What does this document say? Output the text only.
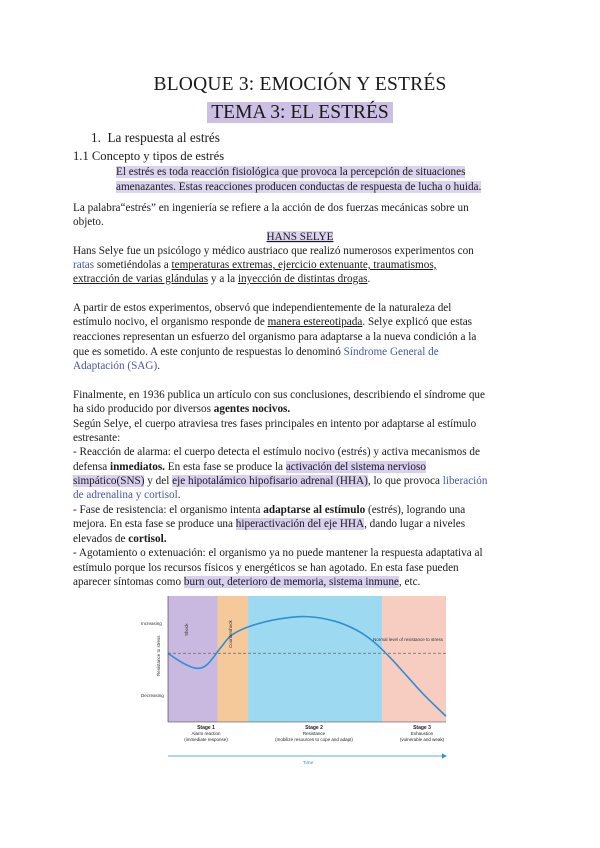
BLOQUE 3: EMOCIÓN Y ESTRÉS
TEMA 3: EL ESTRÉS
1. La respuesta al estrés
1.1 Concepto y tipos de estrés
El estrés es toda reacción fisiológica que provoca la percepción de situaciones
amenazantes. Estas reacciones producen conductas de respuesta de lucha o huida.
La palabra“estrés” en ingeniería se refiere a la acción de dos fuerzas mecánicas sobre un
objeto.
HANS SELYE
Hans Selye fue un psicólogo y médico austriaco que realizó numerosos experimentos con
ratas sometiéndolas a temperaturas extremas, ejercicio extenuante, traumatismos,
extracción de varias glándulas y a la inyección de distintas drogas.
A partir de estos experimentos, observó que independientemente de la naturaleza del
estímulo nocivo, el organismo responde de manera estereotipada. Selye explicó que estas
reacciones representan un esfuerzo del organismo para adaptarse a la nueva condición a la
que es sometido. A este conjunto de respuestas lo denominó Síndrome General de
Adaptación (SAG).
Finalmente, en 1936 publica un artículo con sus conclusiones, describiendo el síndrome que
ha sido producido por diversos agentes nocivos.
Según Selye, el cuerpo atraviesa tres fases principales en intento por adaptarse al estímulo
estresante:
- Reacción de alarma: el cuerpo detecta el estímulo nocivo (estrés) y activa mecanismos de
defensa inmediatos. En esta fase se produce la activación del sistema nervioso
simpático(SNS) y del eje hipotalámico hipofisario adrenal (HHA), lo que provoca liberación
de adrenalina y cortisol.
- Fase de resistencia: el organismo intenta adaptarse al estímulo (estrés), logrando una
mejora. En esta fase se produce una hiperactivación del eje HHA, dando lugar a niveles
elevados de cortisol.
- Agotamiento o extenuación: el organismo ya no puede mantener la respuesta adaptativa al
estímulo porque los recursos físicos y energéticos se han agotado. En esta fase pueden
aparecer síntomas como burn out, deterioro de memoria, sistema inmune, etc.
Increasing
Decreasing
Resistance to stress
Shock	Countershock	Normal level of resistance to stress
Stage 1
Alarm reaction
(immediate response)
Stage 2
Resistance
(mobilize resources to cope and adapt)
Stage 3
Exhaustion
(vulnerable and weak)
Time
